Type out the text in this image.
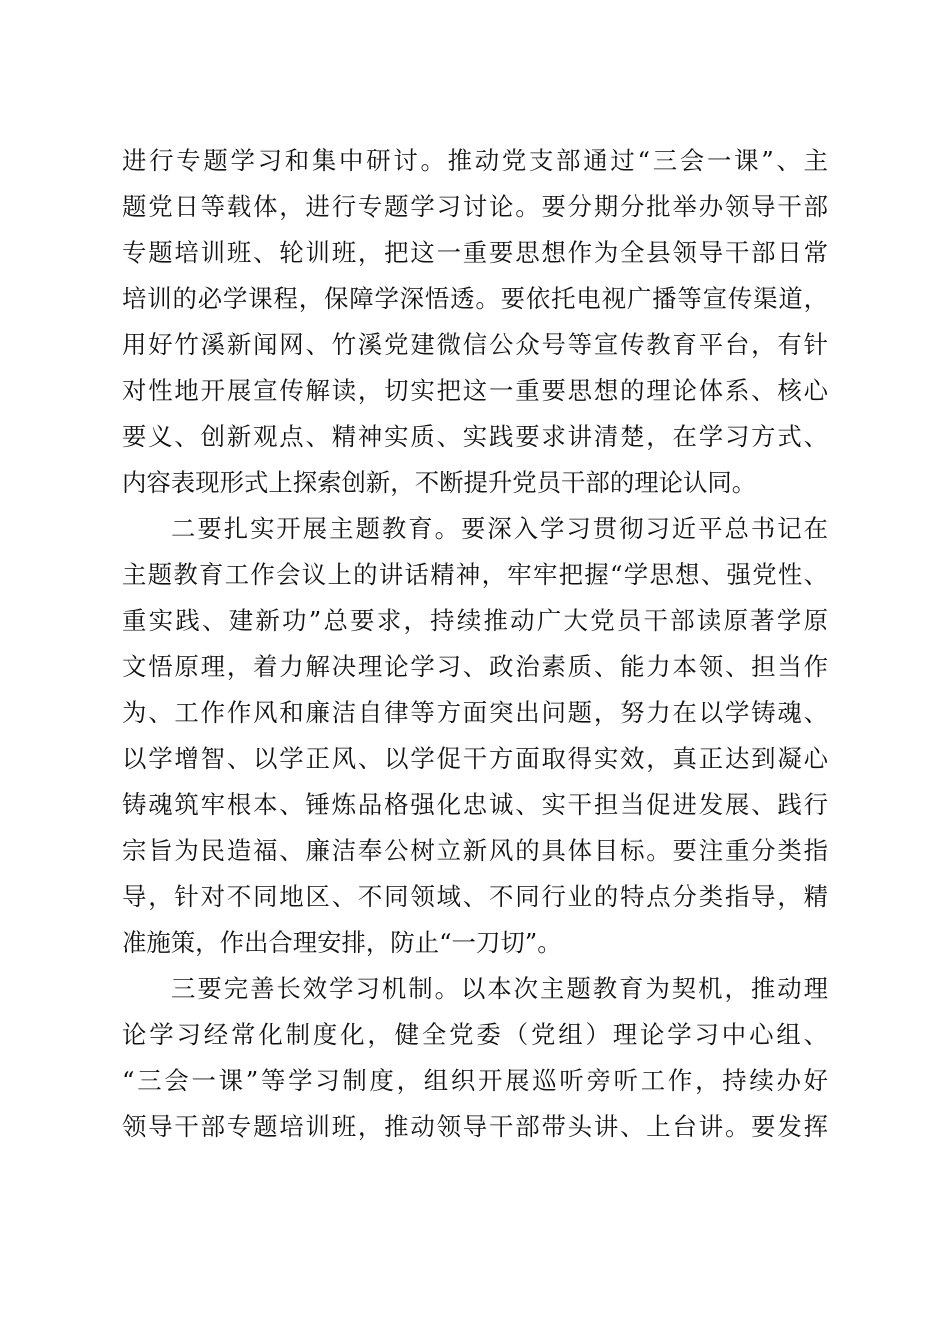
进行专题学习和集中研讨。推动党支部通过“三会一课”、主
题党日等载体，进行专题学习讨论。要分期分批举办领导干部
专题培训班、轮训班，把这一重要思想作为全县领导干部日常
培训的必学课程，保障学深悟透。要依托电视广播等宣传渠道，
用好竹溪新闻网、竹溪党建微信公众号等宣传教育平台，有针
对性地开展宣传解读，切实把这一重要思想的理论体系、核心
要义、创新观点、精神实质、实践要求讲清楚，在学习方式、
内容表现形式上探索创新，不断提升党员干部的理论认同。
二要扎实开展主题教育。要深入学习贯彻习近平总书记在
主题教育工作会议上的讲话精神，牢牢把握“学思想、强党性、
重实践、建新功”总要求，持续推动广大党员干部读原著学原
文悟原理，着力解决理论学习、政治素质、能力本领、担当作
为、工作作风和廉洁自律等方面突出问题，努力在以学铸魂、
以学增智、以学正风、以学促干方面取得实效，真正达到凝心
铸魂筑牢根本、锤炼品格强化忠诚、实干担当促进发展、践行
宗旨为民造福、廉洁奉公树立新风的具体目标。要注重分类指
导，针对不同地区、不同领域、不同行业的特点分类指导，精
准施策，作出合理安排，防止“一刀切”。
三要完善长效学习机制。以本次主题教育为契机，推动理
论学习经常化制度化，健全党委（党组）理论学习中心组、
“三会一课”等学习制度，组织开展巡听旁听工作，持续办好
领导干部专题培训班，推动领导干部带头讲、上台讲。要发挥
